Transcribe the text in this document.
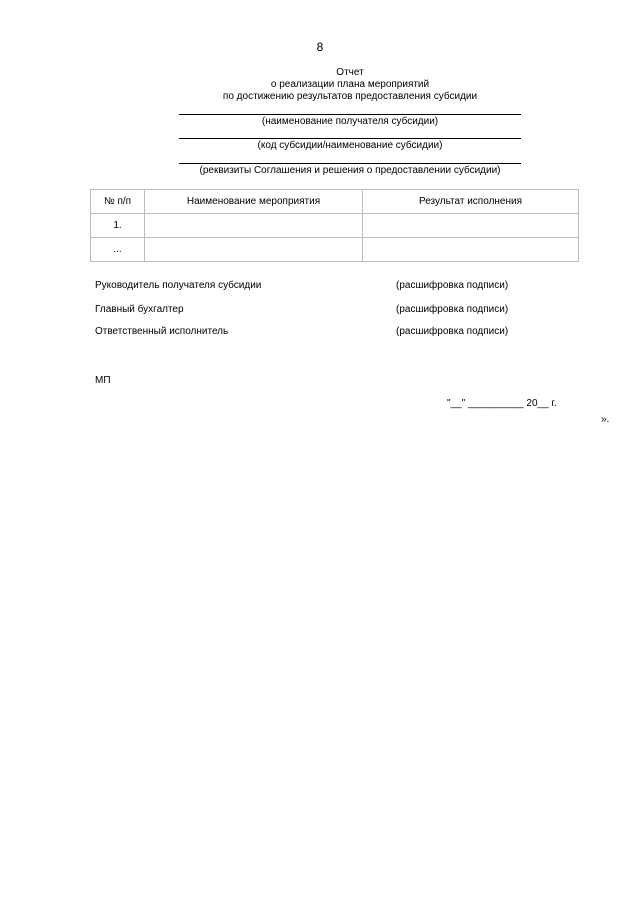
8
Отчет
о реализации плана мероприятий
по достижению результатов предоставления субсидии
(наименование получателя субсидии)
(код субсидии/наименование субсидии)
(реквизиты Соглашения и решения о предоставлении субсидии)
№ п/п	Наименование мероприятия	Результат исполнения
1.		
...		
Руководитель получателя субсидии	(расшифровка подписи)
Главный бухгалтер	(расшифровка подписи)
Ответственный исполнитель	(расшифровка подписи)
МП
"__" __________ 20__ г.
».
